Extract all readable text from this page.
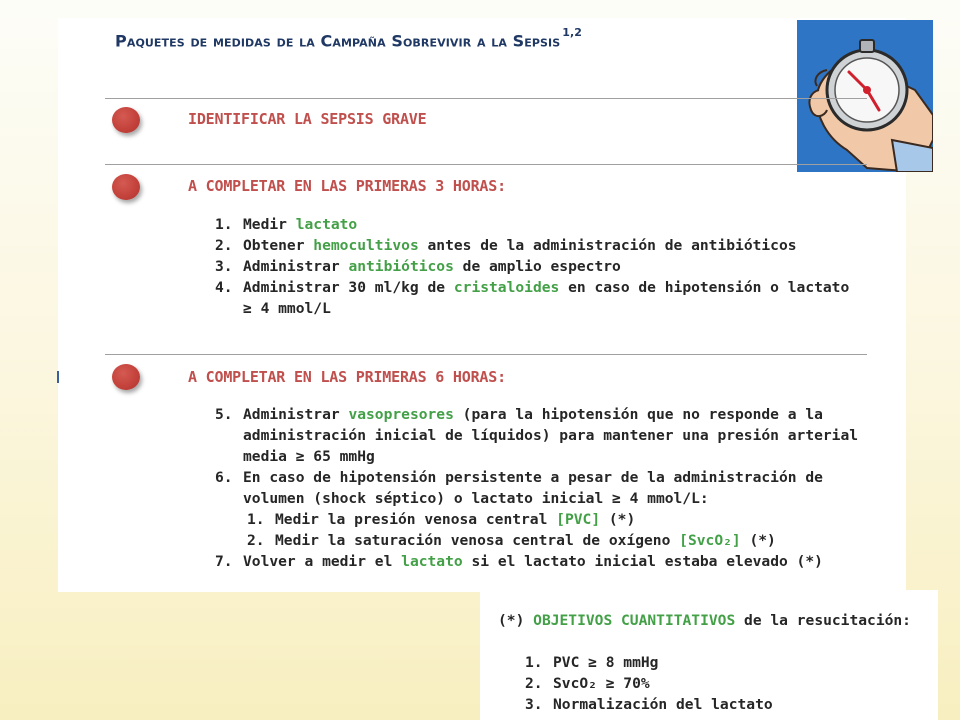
Paquetes de medidas de la Campaña Sobrevivir a la Sepsis $^{1,2}$
IDENTIFICAR LA SEPSIS GRAVE
A COMPLETAR EN LAS PRIMERAS 3 HORAS:
1. Medir lactato
2. Obtener hemocultivos antes de la administración de antibióticos
3. Administrar antibióticos de amplio espectro
4. Administrar 30 ml/kg de cristaloides en caso de hipotensión o lactato ≥ 4 mmol/L
A COMPLETAR EN LAS PRIMERAS 6 HORAS:
5. Administrar vasopresores (para la hipotensión que no responde a la administración inicial de líquidos) para mantener una presión arterial media ≥ 65 mmHg
6. En caso de hipotensión persistente a pesar de la administración de volumen (shock séptico) o lactato inicial ≥ 4 mmol/L:
1. Medir la presión venosa central [PVC] (*)
2. Medir la saturación venosa central de oxígeno [SvcO₂] (*)
7. Volver a medir el lactato si el lactato inicial estaba elevado (*)
(*) OBJETIVOS CUANTITATIVOS de la resucitación:
1. PVC ≥ 8 mmHg
2. SvcO₂ ≥ 70%
3. Normalización del lactato
